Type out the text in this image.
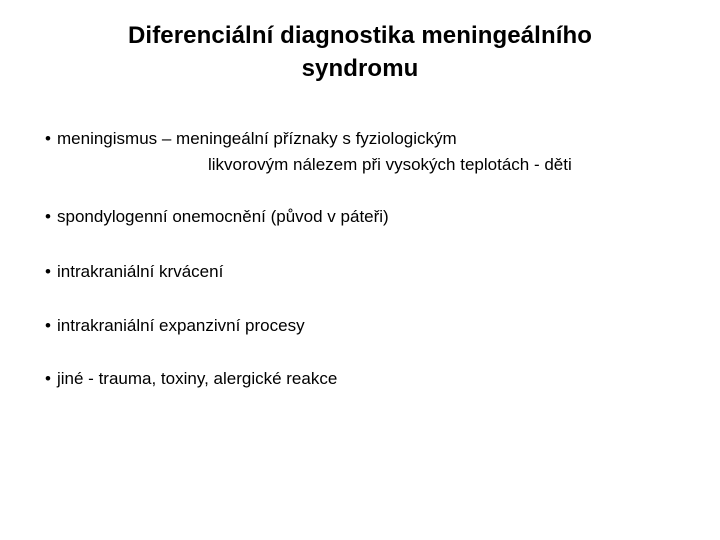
Diferenciální diagnostika meningeálního
syndromu
• meningismus – meningeální příznaky s fyziologickým
likvorovým nálezem při vysokých teplotách - děti
• spondylogenní onemocnění (původ v páteři)
• intrakraniální krvácení
• intrakraniální expanzivní procesy
• jiné - trauma, toxiny, alergické reakce
